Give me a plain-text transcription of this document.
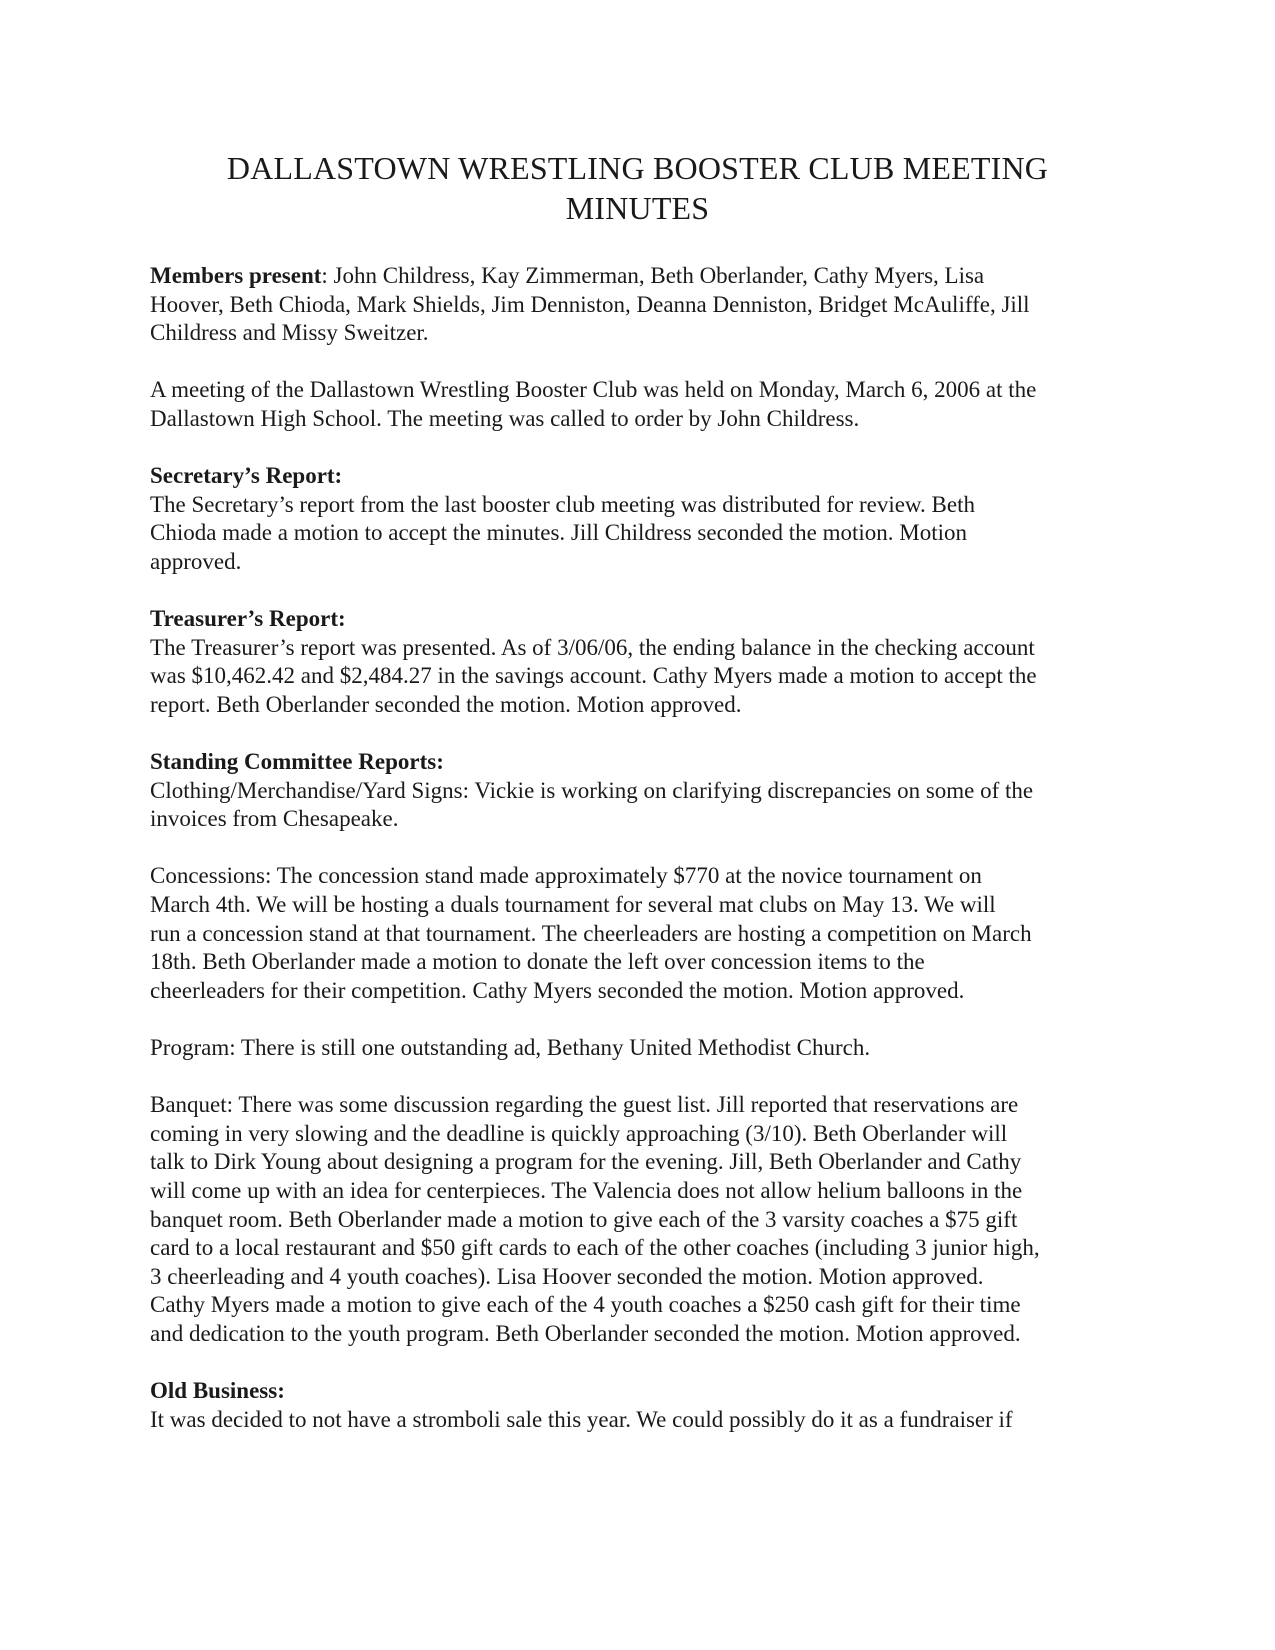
DALLASTOWN WRESTLING BOOSTER CLUB MEETING
MINUTES

Members present: John Childress, Kay Zimmerman, Beth Oberlander, Cathy Myers, Lisa
Hoover, Beth Chioda, Mark Shields, Jim Denniston, Deanna Denniston, Bridget McAuliffe, Jill
Childress and Missy Sweitzer.

A meeting of the Dallastown Wrestling Booster Club was held on Monday, March 6, 2006 at the
Dallastown High School. The meeting was called to order by John Childress.

Secretary’s Report:
The Secretary’s report from the last booster club meeting was distributed for review. Beth
Chioda made a motion to accept the minutes. Jill Childress seconded the motion. Motion
approved.

Treasurer’s Report:
The Treasurer’s report was presented. As of 3/06/06, the ending balance in the checking account
was $10,462.42 and $2,484.27 in the savings account. Cathy Myers made a motion to accept the
report. Beth Oberlander seconded the motion. Motion approved.

Standing Committee Reports:
Clothing/Merchandise/Yard Signs: Vickie is working on clarifying discrepancies on some of the
invoices from Chesapeake.

Concessions: The concession stand made approximately $770 at the novice tournament on
March 4th. We will be hosting a duals tournament for several mat clubs on May 13. We will
run a concession stand at that tournament. The cheerleaders are hosting a competition on March
18th. Beth Oberlander made a motion to donate the left over concession items to the
cheerleaders for their competition. Cathy Myers seconded the motion. Motion approved.

Program: There is still one outstanding ad, Bethany United Methodist Church.

Banquet: There was some discussion regarding the guest list. Jill reported that reservations are
coming in very slowing and the deadline is quickly approaching (3/10). Beth Oberlander will
talk to Dirk Young about designing a program for the evening. Jill, Beth Oberlander and Cathy
will come up with an idea for centerpieces. The Valencia does not allow helium balloons in the
banquet room. Beth Oberlander made a motion to give each of the 3 varsity coaches a $75 gift
card to a local restaurant and $50 gift cards to each of the other coaches (including 3 junior high,
3 cheerleading and 4 youth coaches). Lisa Hoover seconded the motion. Motion approved.
Cathy Myers made a motion to give each of the 4 youth coaches a $250 cash gift for their time
and dedication to the youth program. Beth Oberlander seconded the motion. Motion approved.

Old Business:
It was decided to not have a stromboli sale this year. We could possibly do it as a fundraiser if
